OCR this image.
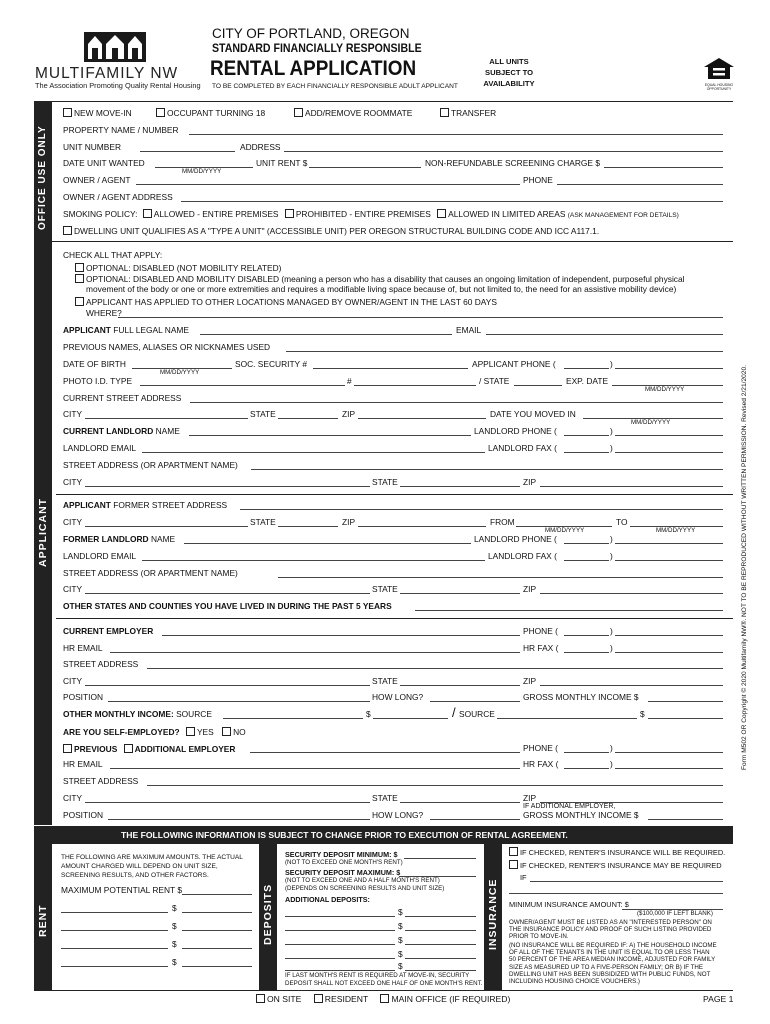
MULTIFAMILY NW
The Association Promoting Quality Rental Housing
CITY OF PORTLAND, OREGON
STANDARD FINANCIALLY RESPONSIBLE
RENTAL APPLICATION
TO BE COMPLETED BY EACH FINANCIALLY RESPONSIBLE ADULT APPLICANT
ALL UNITS
SUBJECT TO
AVAILABILITY	EQUAL HOUSING OPPORTUNITY
OFFICE USE ONLY
NEW MOVE-IN	OCCUPANT TURNING 18	ADD/REMOVE ROOMMATE	TRANSFER
PROPERTY NAME / NUMBER
UNIT NUMBER	ADDRESS
DATE UNIT WANTED
MM/DD/YYYY
UNIT RENT $	NON-REFUNDABLE SCREENING CHARGE $
OWNER / AGENT	PHONE
OWNER / AGENT ADDRESS
SMOKING POLICY: ALLOWED - ENTIRE PREMISES PROHIBITED - ENTIRE PREMISES ALLOWED IN LIMITED AREAS (ASK MANAGEMENT FOR DETAILS)
DWELLING UNIT QUALIFIES AS A "TYPE A UNIT" (ACCESSIBLE UNIT) PER OREGON STRUCTURAL BUILDING CODE AND ICC A117.1.
APPLICANT
CHECK ALL THAT APPLY:
OPTIONAL: DISABLED (NOT MOBILITY RELATED)
OPTIONAL: DISABLED AND MOBILITY DISABLED (meaning a person who has a disability that causes an ongoing limitation of independent, purposeful physical
movement of the body or one or more extremities and requires a modifiable living space because of, but not limited to, the need for an assistive mobility device)
APPLICANT HAS APPLIED TO OTHER LOCATIONS MANAGED BY OWNER/AGENT IN THE LAST 60 DAYS
WHERE?
APPLICANT FULL LEGAL NAME	EMAIL
PREVIOUS NAMES, ALIASES OR NICKNAMES USED
DATE OF BIRTH
MM/DD/YYYY
SOC. SECURITY #	APPLICANT PHONE (	)
PHOTO I.D. TYPE	#	/ STATE	EXP. DATE
MM/DD/YYYY
CURRENT STREET ADDRESS
CITY	STATE	ZIP	DATE YOU MOVED IN
MM/DD/YYYY
CURRENT LANDLORD NAME	LANDLORD PHONE (	)
LANDLORD EMAIL	LANDLORD FAX (	)
STREET ADDRESS (OR APARTMENT NAME)
CITY	STATE	ZIP
APPLICANT FORMER STREET ADDRESS
CITY	STATE	ZIP	FROM
MM/DD/YYYY
TO
MM/DD/YYYY
FORMER LANDLORD NAME	LANDLORD PHONE (	)
LANDLORD EMAIL	LANDLORD FAX (	)
STREET ADDRESS (OR APARTMENT NAME)
CITY	STATE	ZIP
OTHER STATES AND COUNTIES YOU HAVE LIVED IN DURING THE PAST 5 YEARS
CURRENT EMPLOYER	PHONE (	)
HR EMAIL	HR FAX (	)
STREET ADDRESS
CITY	STATE	ZIP
POSITION	HOW LONG?	GROSS MONTHLY INCOME $
OTHER MONTHLY INCOME: SOURCE	$	/ SOURCE	$
ARE YOU SELF-EMPLOYED? YES NO
PREVIOUS ADDITIONAL EMPLOYER	PHONE (	)
HR EMAIL	HR FAX (	)
STREET ADDRESS
CITY	STATE	ZIP
POSITION	HOW LONG?
IF ADDITIONAL EMPLOYER,
GROSS MONTHLY INCOME $
Form M502 OR Copyright © 2020 Multifamily NW®. NOT TO BE REPRODUCED WITHOUT WRITTEN PERMISSION. Revised 2/21/2020.
THE FOLLOWING INFORMATION IS SUBJECT TO CHANGE PRIOR TO EXECUTION OF RENTAL AGREEMENT.
RENT
THE FOLLOWING ARE MAXIMUM AMOUNTS. THE ACTUAL
AMOUNT CHARGED WILL DEPEND ON UNIT SIZE,
SCREENING RESULTS, AND OTHER FACTORS.
MAXIMUM POTENTIAL RENT $
$
$
$
$
DEPOSITS
SECURITY DEPOSIT MINIMUM: $
(NOT TO EXCEED ONE MONTH'S RENT)
SECURITY DEPOSIT MAXIMUM: $
(NOT TO EXCEED ONE AND A HALF MONTH'S RENT)
(DEPENDS ON SCREENING RESULTS AND UNIT SIZE)
ADDITIONAL DEPOSITS:
$
$
$
$
$
IF LAST MONTH'S RENT IS REQUIRED AT MOVE-IN, SECURITY
DEPOSIT SHALL NOT EXCEED ONE HALF OF ONE MONTH'S RENT.
INSURANCE
IF CHECKED, RENTER'S INSURANCE WILL BE REQUIRED.
IF CHECKED, RENTER'S INSURANCE MAY BE REQUIRED
IF
MINIMUM INSURANCE AMOUNT: $
($100,000 IF LEFT BLANK)
OWNER/AGENT MUST BE LISTED AS AN "INTERESTED PERSON" ON
THE INSURANCE POLICY AND PROOF OF SUCH LISTING PROVIDED
PRIOR TO MOVE-IN.
(NO INSURANCE WILL BE REQUIRED IF: A) THE HOUSEHOLD INCOME
OF ALL OF THE TENANTS IN THE UNIT IS EQUAL TO OR LESS THAN
50 PERCENT OF THE AREA MEDIAN INCOME, ADJUSTED FOR FAMILY
SIZE AS MEASURED UP TO A FIVE-PERSON FAMILY; OR B) IF THE
DWELLING UNIT HAS BEEN SUBSIDIZED WITH PUBLIC FUNDS, NOT
INCLUDING HOUSING CHOICE VOUCHERS.)
ON SITE	RESIDENT	MAIN OFFICE (IF REQUIRED)	PAGE 1
